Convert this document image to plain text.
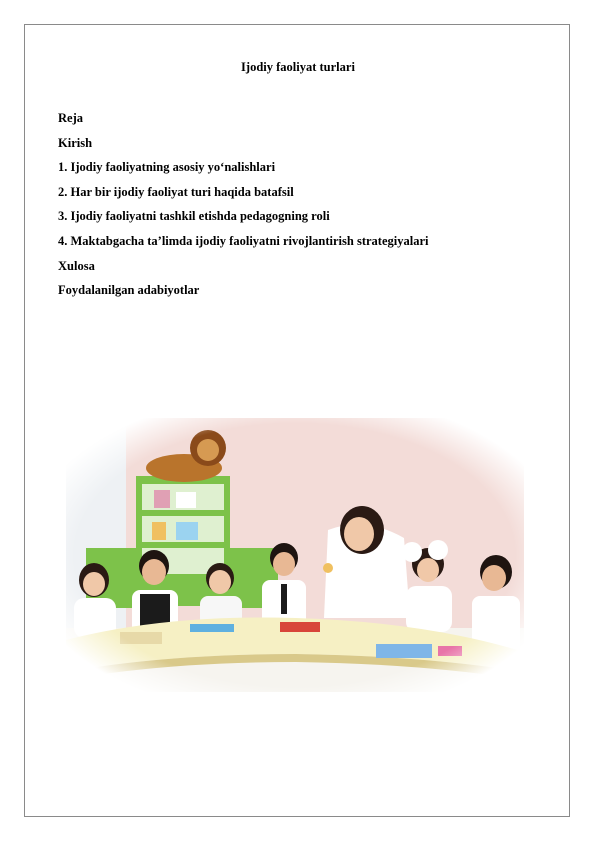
Ijodiy faoliyat turlari
Reja
Kirish
1. Ijodiy faoliyatning asosiy yo‘nalishlari
2. Har bir ijodiy faoliyat turi haqida batafsil
3. Ijodiy faoliyatni tashkil etishda pedagogning roli
4. Maktabgacha ta’limda ijodiy faoliyatni rivojlantirish strategiyalari
Xulosa
Foydalanilgan adabiyotlar
